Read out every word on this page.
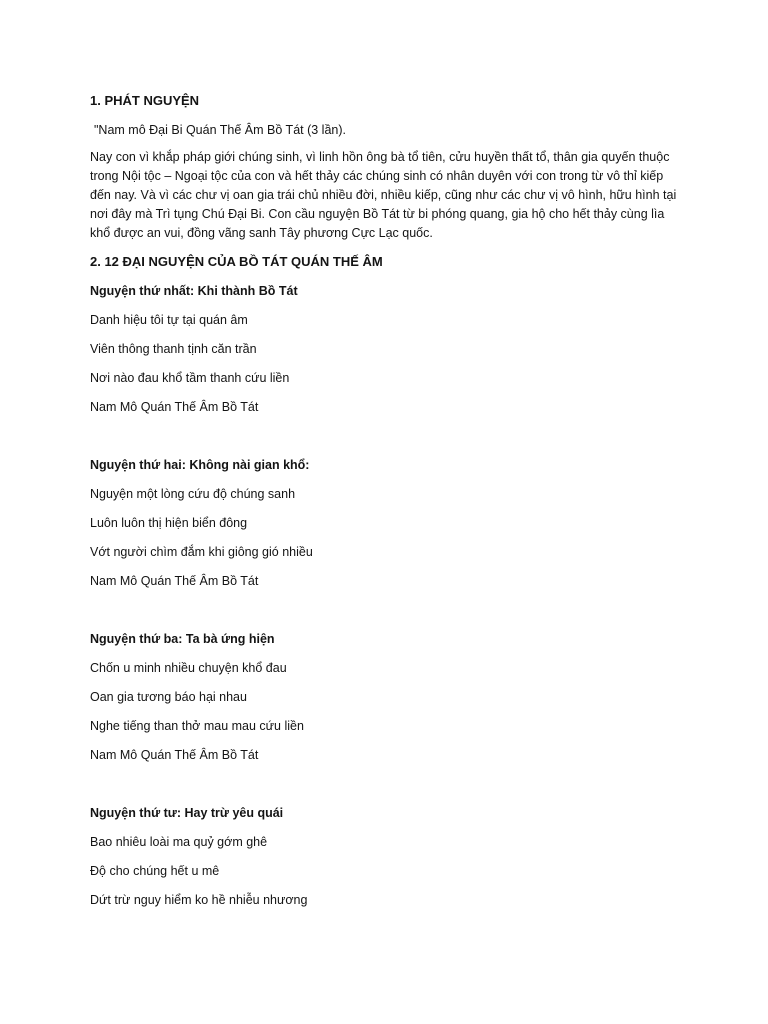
1. PHÁT NGUYỆN
"Nam mô Đại Bi Quán Thế Âm Bồ Tát (3 lần).
Nay con vì khắp pháp giới chúng sinh, vì linh hồn ông bà tổ tiên, cửu huyền thất tổ, thân gia quyến thuộc
trong Nội tộc – Ngoại tộc của con và hết thảy các chúng sinh có nhân duyên với con trong từ vô thỉ kiếp
đến nay. Và vì các chư vị oan gia trái chủ nhiều đời, nhiều kiếp, cũng như các chư vị vô hình, hữu hình tại
nơi đây mà Trì tụng Chú Đại Bi. Con cầu nguyện Bồ Tát từ bi phóng quang, gia hộ cho hết thảy cùng lìa
khổ được an vui, đồng vãng sanh Tây phương Cực Lạc quốc.
2. 12 ĐẠI NGUYỆN CỦA BỒ TÁT QUÁN THẾ ÂM
Nguyện thứ nhất: Khi thành Bồ Tát
Danh hiệu tôi tự tại quán âm
Viên thông thanh tịnh căn trần
Nơi nào đau khổ tầm thanh cứu liền
Nam Mô Quán Thế Âm Bồ Tát
Nguyện thứ hai: Không nài gian khổ:
Nguyện một lòng cứu độ chúng sanh
Luôn luôn thị hiện biển đông
Vớt người chìm đắm khi giông gió nhiều
Nam Mô Quán Thế Âm Bồ Tát
Nguyện thứ ba: Ta bà ứng hiện
Chốn u minh nhiều chuyện khổ đau
Oan gia tương báo hại nhau
Nghe tiếng than thở mau mau cứu liền
Nam Mô Quán Thế Âm Bồ Tát
Nguyện thứ tư: Hay trừ yêu quái
Bao nhiêu loài ma quỷ gớm ghê
Độ cho chúng hết u mê
Dứt trừ nguy hiểm ko hề nhiễu nhương
